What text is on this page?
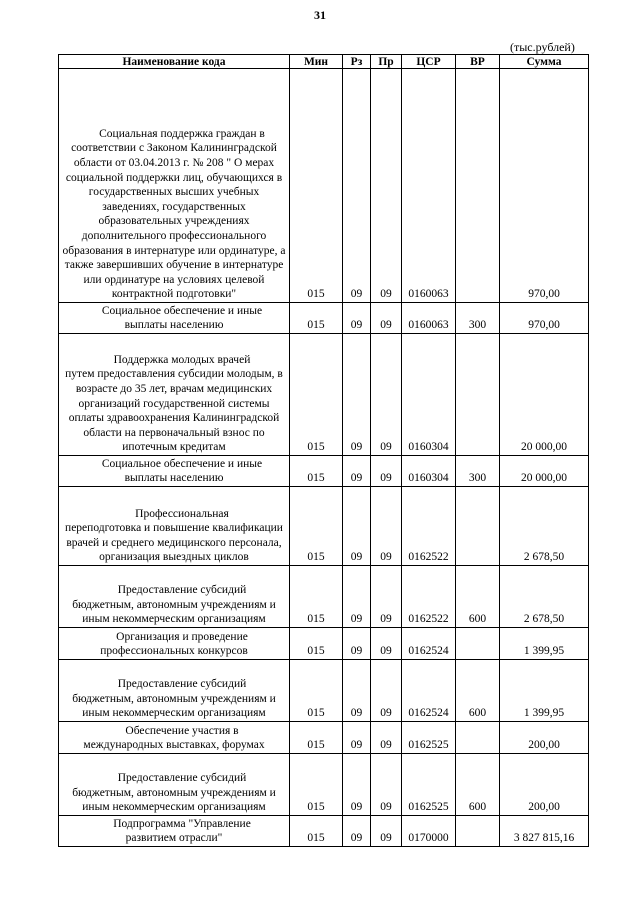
31
(тыс.рублей)
Наименование кода	Мин	Рз	Пр	ЦСР	ВР	Сумма

Социальная поддержка граждан в
соответствии с Законом Калининградской области от 03.04.2013 г. № 208 " О мерах социальной поддержки лиц, обучающихся в государственных высших учебных заведениях, государственных образовательных учреждениях дополнительного профессионального образования в интернатуре или ординатуре, а также завершивших обучение в интернатуре или ординатуре на условиях целевой контрактной подготовки"	015	09	09	0160063		970,00

Социальное обеспечение и иные
выплаты населению	015	09	09	0160063	300	970,00

Поддержка молодых врачей
путем предоставления субсидии молодым, в возрасте до 35 лет, врачам медицинских организаций государственной системы оплаты здравоохранения Калининградской области на первоначальный взнос по ипотечным кредитам	015	09	09	0160304		20 000,00

Социальное обеспечение и иные
выплаты населению	015	09	09	0160304	300	20 000,00

Профессиональная
переподготовка и повышение квалификации врачей и среднего медицинского персонала, организация выездных циклов	015	09	09	0162522		2 678,50

Предоставление субсидий
бюджетным, автономным учреждениям и иным некоммерческим организациям	015	09	09	0162522	600	2 678,50

Организация и проведение
профессиональных конкурсов	015	09	09	0162524		1 399,95

Предоставление субсидий
бюджетным, автономным учреждениям и иным некоммерческим организациям	015	09	09	0162524	600	1 399,95

Обеспечение участия в
международных выставках, форумах	015	09	09	0162525		200,00

Предоставление субсидий
бюджетным, автономным учреждениям и иным некоммерческим организациям	015	09	09	0162525	600	200,00

Подпрограмма "Управление
развитием отрасли"	015	09	09	0170000		3 827 815,16
